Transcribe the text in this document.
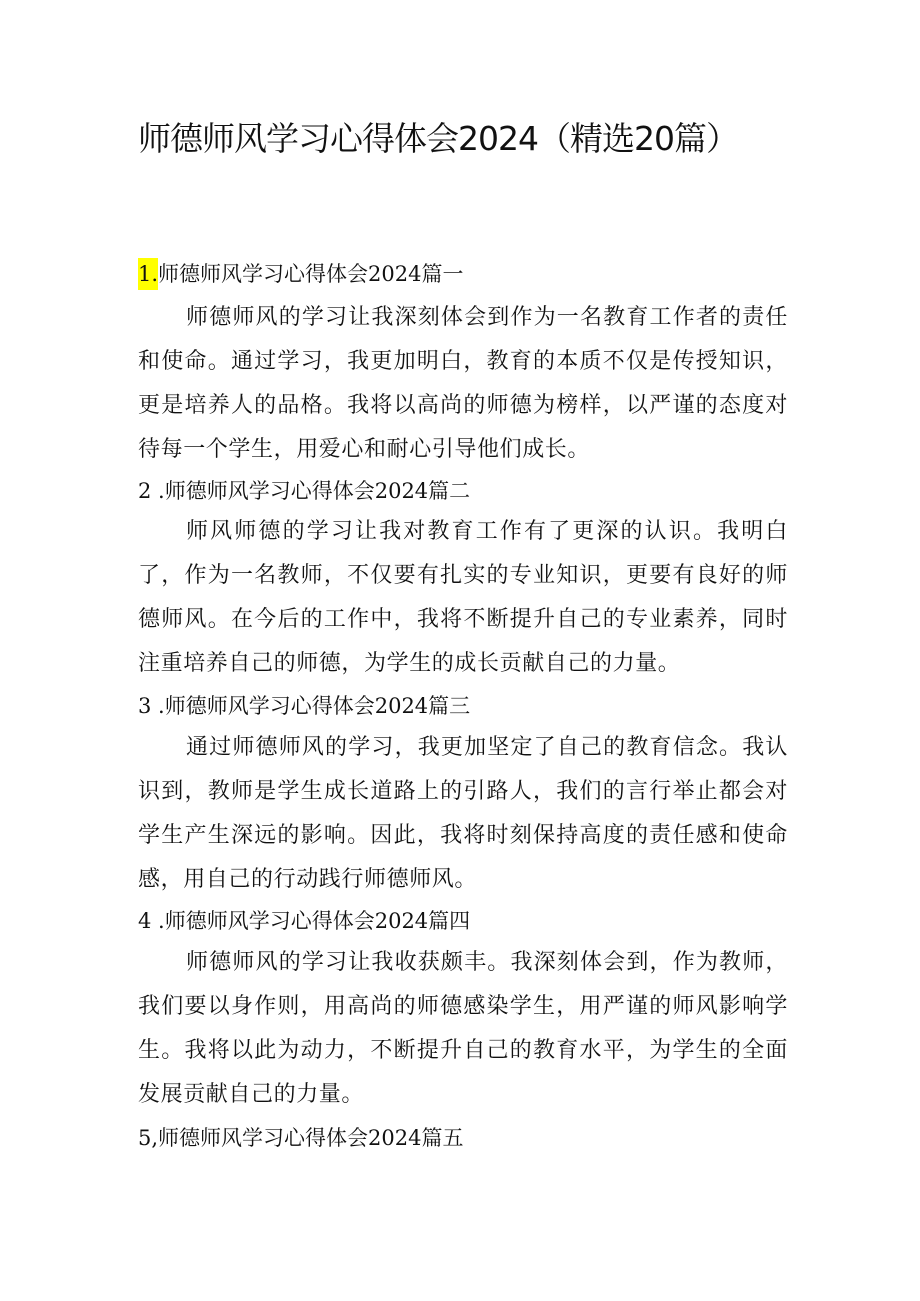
师德师风学习心得体会2024（精选20篇）
1.师德师风学习心得体会2024篇一

师德师风的学习让我深刻体会到作为一名教育工作者的责任和使命。通过学习，我更加明白，教育的本质不仅是传授知识，更是培养人的品格。我将以高尚的师德为榜样，以严谨的态度对待每一个学生，用爱心和耐心引导他们成长。

2 .师德师风学习心得体会2024篇二

师风师德的学习让我对教育工作有了更深的认识。我明白了，作为一名教师，不仅要有扎实的专业知识，更要有良好的师德师风。在今后的工作中，我将不断提升自己的专业素养，同时注重培养自己的师德，为学生的成长贡献自己的力量。

3 .师德师风学习心得体会2024篇三

通过师德师风的学习，我更加坚定了自己的教育信念。我认识到，教师是学生成长道路上的引路人，我们的言行举止都会对学生产生深远的影响。因此，我将时刻保持高度的责任感和使命感，用自己的行动践行师德师风。

4 .师德师风学习心得体会2024篇四

师德师风的学习让我收获颇丰。我深刻体会到，作为教师，我们要以身作则，用高尚的师德感染学生，用严谨的师风影响学生。我将以此为动力，不断提升自己的教育水平，为学生的全面发展贡献自己的力量。

5,师德师风学习心得体会2024篇五
